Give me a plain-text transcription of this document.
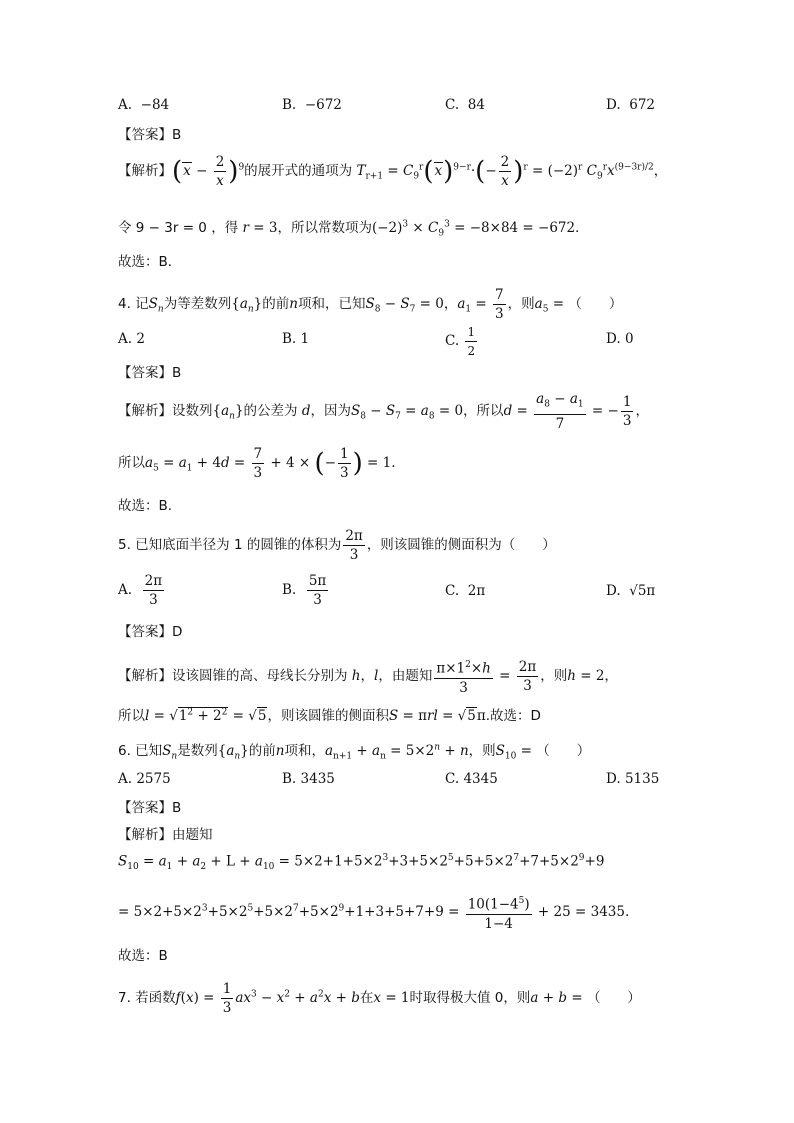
A. −84	B. −672	C. 84	D. 672
【答案】B
【解析】$(x - \frac{2}{x} )^9$的展开式的通项为 $T_{r+1} = C_9^r(x)^{9-r}\cdot(- \frac{2}{x} )^r = (-2)^r$ $C_9^rx^{(9-3r)/2}$，
令 9 − 3r = 0 ，得 r = 3，所以常数项为$(-2)^3 \times C_9^3 = -8\times 84 = -672$．
故选：B．
4. 记$S_n$为等差数列$\{a_n\}$的前n项和，已知$S_8 - S_7 = 0$，$a_1 = \frac{7}{3}$ ，则$a_5$ = （　　）
A. 2	B. 1	C. $\frac{1}{2}$	D. 0
【答案】B
【解析】设数列$\{a_n\}$的公差为 d，因为$S_8 - S_7 = a_8 = 0$，所以$d = \frac{a_8 - a_1}{7}$ = − $\frac{1}{3}$ ，
所以$a_5 = a_1 + 4d = \frac{7}{3} + 4$ × (− $\frac{1}{3}$ ) = 1.
故选：B.
5. 已知底面半径为 1 的圆锥的体积为 $\frac{2\pi}{3}$ ，则该圆锥的侧面积为（　　）
A. $\frac{2\pi}{3}$	B. $\frac{5\pi}{3}$	C. 2π	D. √5π
【答案】D
【解析】设该圆锥的高、母线长分别为 h，l，由题知 $\frac{\pi\times 1^2\times h}{3} = \frac{2\pi}{3}$ ，则h = 2，
所以$l = √1^2 + 2^2 = √5$，则该圆锥的侧面积S = πrl = √5π.故选：D
6. 已知$S_n$是数列$\{a_n\}$的前n项和，$a_{n+1} + a_n = 5\times 2^n + n$，则$S_{10}$ = （　　）
A. 2575	B. 3435	C. 4345	D. 5135
【答案】B
【解析】由题知
$S_{10} = a_1 + a_2 + L + a_{10} = 5\times 2+1+5\times 2^3+3+5\times 2^5+5+5\times 2^7+7+5\times 2^9+9$
= $5\times 2+5\times 2^3+5\times 2^5+5\times 2^7+5\times 2^9+1+3+5+7+9 = \frac{10(1-4^5)}{1-4} + 25 = 3435$.
故选：B
7. 若函数$f(x) = \frac{1}{3} ax^3 - x^2 + a^2x + b$在x = 1时取得极大值 0，则a + b = （　　）
